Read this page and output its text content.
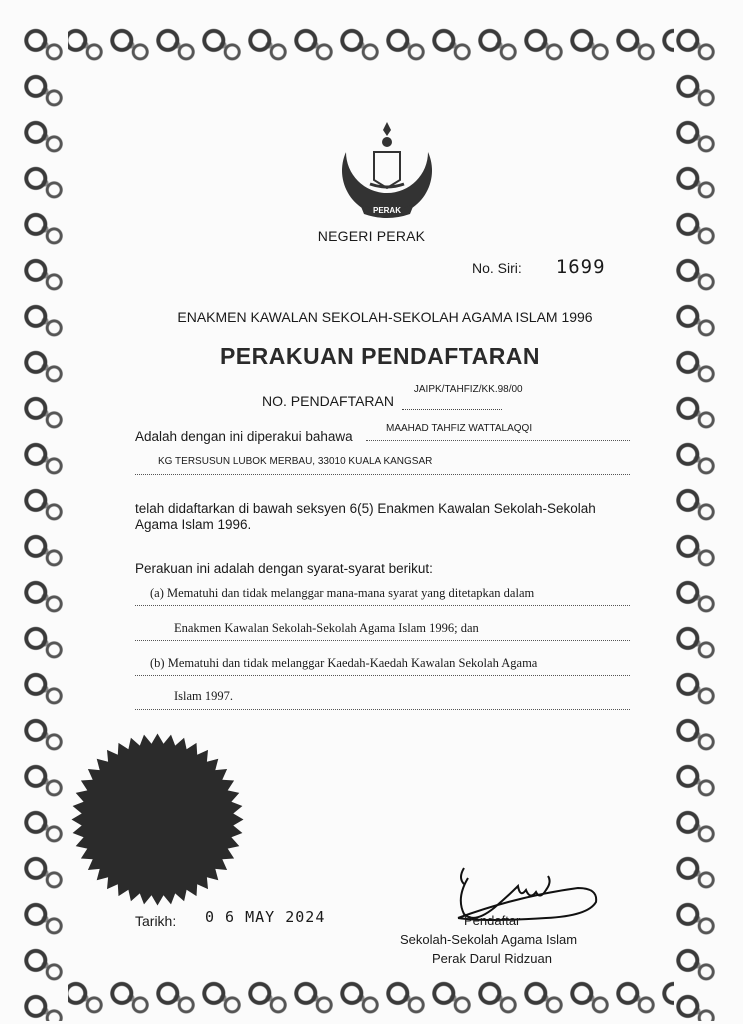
PERAK
NEGERI PERAK
No. Siri: 1699
ENAKMEN KAWALAN SEKOLAH-SEKOLAH AGAMA ISLAM 1996
PERAKUAN PENDAFTARAN
NO. PENDAFTARAN
JAIPK/TAHFIZ/KK.98/00

Adalah dengan ini diperakui bahawa
MAAHAD TAHFIZ WATTALAQQI
KG TERSUSUN LUBOK MERBAU, 33010 KUALA KANGSAR
telah didaftarkan di bawah seksyen 6(5) Enakmen Kawalan Sekolah-Sekolah
Agama Islam 1996.
Perakuan ini adalah dengan syarat-syarat berikut:
(a) Mematuhi dan tidak melanggar mana-mana syarat yang ditetapkan dalam
Enakmen Kawalan Sekolah-Sekolah Agama Islam 1996; dan
(b) Mematuhi dan tidak melanggar Kaedah-Kaedah Kawalan Sekolah Agama
Islam 1997.
Tarikh: 0 6 MAY 2024	Pendaftar
Sekolah-Sekolah Agama Islam
Perak Darul Ridzuan
